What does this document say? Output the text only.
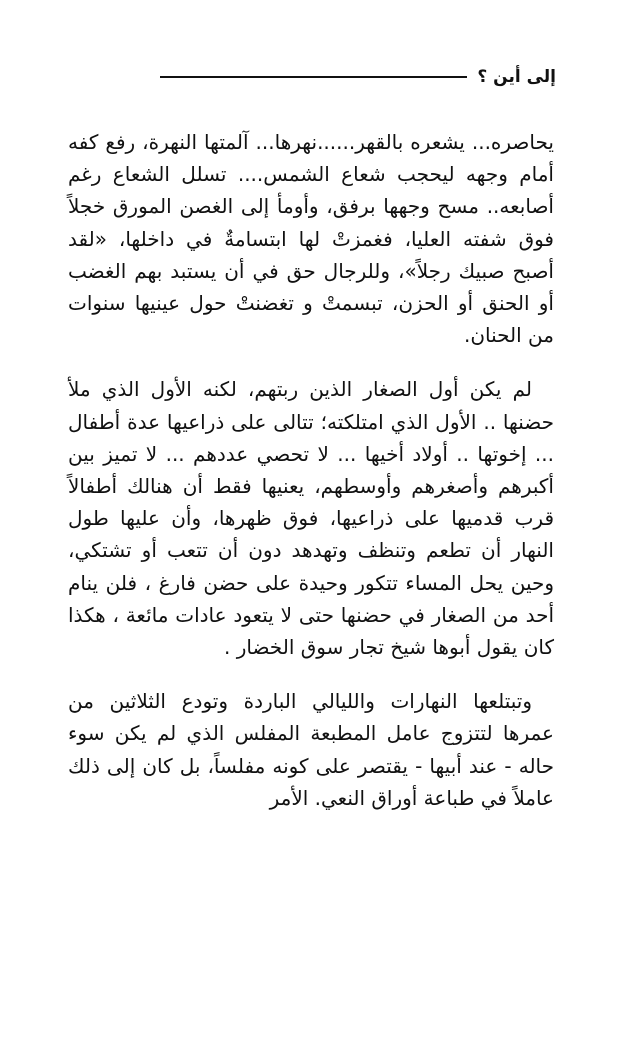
إلى أين ؟

يحاصره... يشعره بالقهر......نهرها... آلمتها النهرة، رفع كفه أمام وجهه ليحجب شعاع الشمس.... تسلل الشعاع رغم أصابعه.. مسح وجهها برفق، وأومأ إلى الغصن المورق خجلاً فوق شفته العليا، فغمزتْ لها ابتسامةٌ في داخلها، «لقد أصبح صبيك رجلاً»، وللرجال حق في أن يستبد بهم الغضب أو الحنق أو الحزن، تبسمتْ و تغضنتْ حول عينيها سنوات من الحنان.

لم يكن أول الصغار الذين ربتهم، لكنه الأول الذي ملأ حضنها .. الأول الذي امتلكته؛ تتالى على ذراعيها عدة أطفال ... إخوتها .. أولاد أخيها ... لا تحصي عددهم ... لا تميز بين أكبرهم وأصغرهم وأوسطهم، يعنيها فقط أن هنالك أطفالاً قرب قدميها على ذراعيها، فوق ظهرها، وأن عليها طول النهار أن تطعم وتنظف وتهدهد دون أن تتعب أو تشتكي، وحين يحل المساء تتكور وحيدة على حضن فارغ ، فلن ينام أحد من الصغار في حضنها حتى لا يتعود عادات مائعة ، هكذا كان يقول أبوها شيخ تجار سوق الخضار .

وتبتلعها النهارات والليالي الباردة وتودع الثلاثين من عمرها لتتزوج عامل المطبعة المفلس الذي لم يكن سوء حاله - عند أبيها - يقتصر على كونه مفلساً، بل كان إلى ذلك عاملاً في طباعة أوراق النعي. الأمر
